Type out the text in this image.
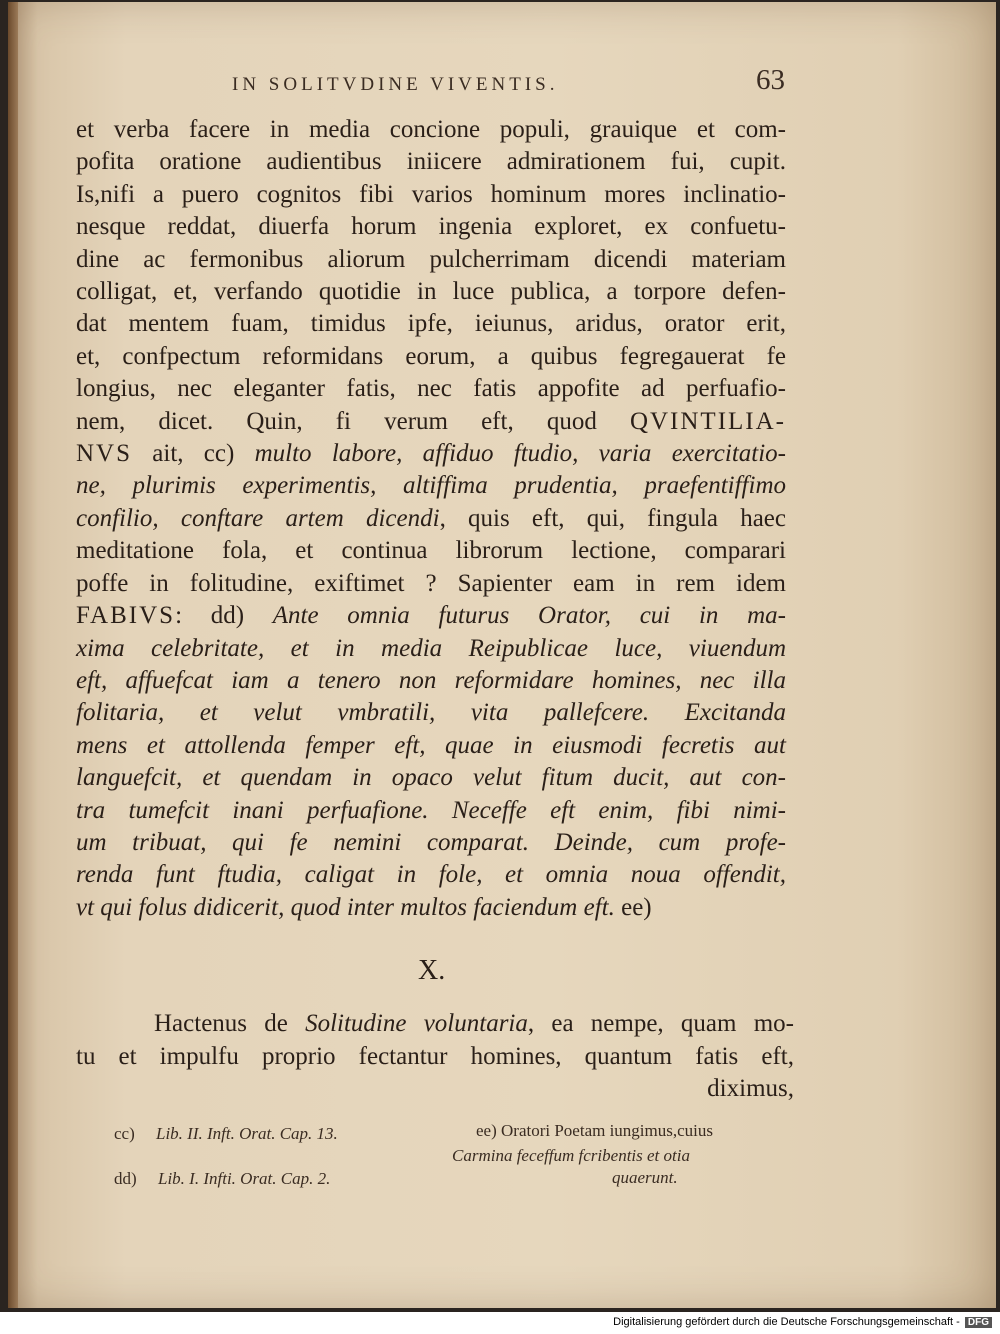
IN SOLITVDINE VIVENTIS.	63
et verba facere in media concione populi, grauique et com-
pofita oratione audientibus iniicere admirationem fui, cupit.
Is,nifi a puero cognitos fibi varios hominum mores inclinatio-
nesque reddat, diuerfa horum ingenia exploret, ex confuetu-
dine ac fermonibus aliorum pulcherrimam dicendi materiam
colligat, et, verfando quotidie in luce publica, a torpore defen-
dat mentem fuam, timidus ipfe, ieiunus, aridus, orator erit,
et, confpectum reformidans eorum, a quibus fegregauerat fe
longius, nec eleganter fatis, nec fatis appofite ad perfuafio-
nem, dicet. Quin, fi verum eft, quod QVINTILIA-
NVS ait, cc) multo labore, affiduo ftudio, varia exercitatio-
ne, plurimis experimentis, altiffima prudentia, praefentiffimo
confilio, conftare artem dicendi, quis eft, qui, fingula haec
meditatione fola, et continua librorum lectione, comparari
poffe in folitudine, exiftimet ? Sapienter eam in rem idem
FABIVS: dd) Ante omnia futurus Orator, cui in ma-
xima celebritate, et in media Reipublicae luce, viuendum
eft, affuefcat iam a tenero non reformidare homines, nec illa
folitaria, et velut vmbratili, vita pallefcere. Excitanda
mens et attollenda femper eft, quae in eiusmodi fecretis aut
languefcit, et quendam in opaco velut fitum ducit, aut con-
tra tumefcit inani perfuafione. Neceffe eft enim, fibi nimi-
um tribuat, qui fe nemini comparat. Deinde, cum profe-
renda funt ftudia, caligat in fole, et omnia noua offendit,
vt qui folus didicerit, quod inter multos faciendum eft. ee)
X.
Hactenus de Solitudine voluntaria, ea nempe, quam mo-
tu et impulfu proprio fectantur homines, quantum fatis eft,
diximus,
cc) Lib. II. Inft. Orat. Cap. 13.
dd) Lib. I. Infti. Orat. Cap. 2.
ee) Oratori Poetam iungimus,cuius
Carmina feceffum fcribentis et otia
quaerunt.
Digitalisierung gefördert durch die Deutsche Forschungsgemeinschaft - DFG
